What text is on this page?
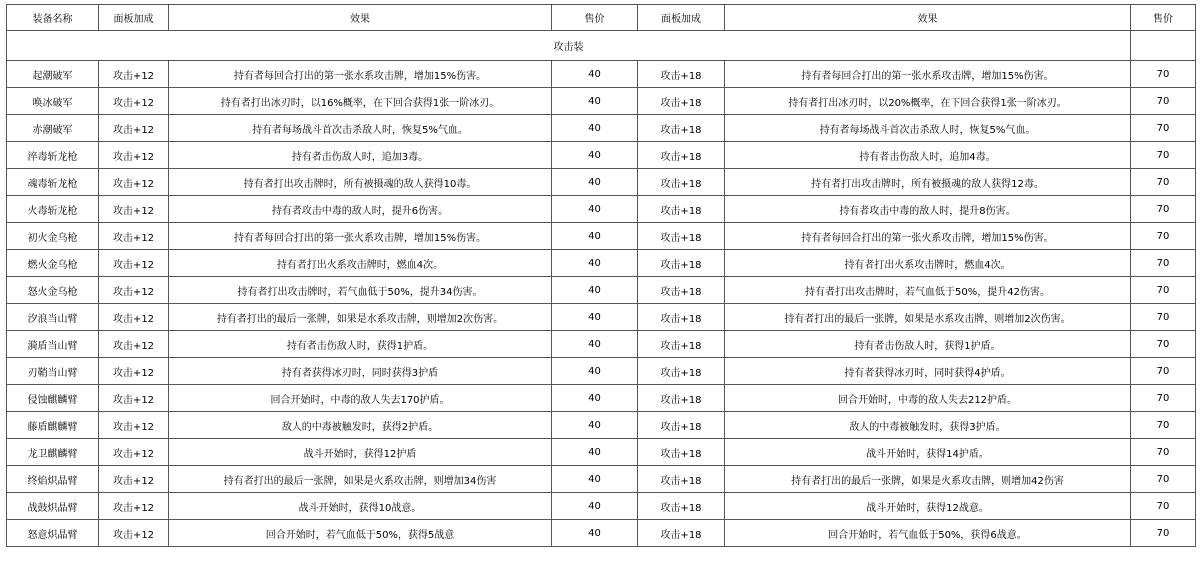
装备名称	面板加成	效果	售价	面板加成	效果	售价
攻击装						
起潮破军	攻击+12	持有者每回合打出的第一张水系攻击牌，增加15%伤害。	40	攻击+18	持有者每回合打出的第一张水系攻击牌，增加15%伤害。	70
唤冰破军	攻击+12	持有者打出冰刃时，以16%概率，在下回合获得1张一阶冰刃。	40	攻击+18	持有者打出冰刃时，以20%概率，在下回合获得1张一阶冰刃。	70
赤潮破军	攻击+12	持有者每场战斗首次击杀敌人时，恢复5%气血。	40	攻击+18	持有者每场战斗首次击杀敌人时，恢复5%气血。	70
淬毒斩龙枪	攻击+12	持有者击伤敌人时，追加3毒。	40	攻击+18	持有者击伤敌人时，追加4毒。	70
魂毒斩龙枪	攻击+12	持有者打出攻击牌时，所有被摄魂的敌人获得10毒。	40	攻击+18	持有者打出攻击牌时，所有被摄魂的敌人获得12毒。	70
火毒斩龙枪	攻击+12	持有者攻击中毒的敌人时，提升6伤害。	40	攻击+18	持有者攻击中毒的敌人时，提升8伤害。	70
初火金乌枪	攻击+12	持有者每回合打出的第一张火系攻击牌，增加15%伤害。	40	攻击+18	持有者每回合打出的第一张火系攻击牌，增加15%伤害。	70
燃火金乌枪	攻击+12	持有者打出火系攻击牌时，燃血4次。	40	攻击+18	持有者打出火系攻击牌时，燃血4次。	70
怒火金乌枪	攻击+12	持有者打出攻击牌时，若气血低于50%，提升34伤害。	40	攻击+18	持有者打出攻击牌时，若气血低于50%，提升42伤害。	70
汐浪当山臂	攻击+12	持有者打出的最后一张牌，如果是水系攻击牌，则增加2次伤害。	40	攻击+18	持有者打出的最后一张牌，如果是水系攻击牌，则增加2次伤害。	70
漪盾当山臂	攻击+12	持有者击伤敌人时，获得1护盾。	40	攻击+18	持有者击伤敌人时，获得1护盾。	70
刃鞘当山臂	攻击+12	持有者获得冰刃时，同时获得3护盾	40	攻击+18	持有者获得冰刃时，同时获得4护盾。	70
侵蚀麒麟臂	攻击+12	回合开始时，中毒的敌人失去170护盾。	40	攻击+18	回合开始时，中毒的敌人失去212护盾。	70
藤盾麒麟臂	攻击+12	敌人的中毒被触发时，获得2护盾。	40	攻击+18	敌人的中毒被触发时，获得3护盾。	70
龙卫麒麟臂	攻击+12	战斗开始时，获得12护盾	40	攻击+18	战斗开始时，获得14护盾。	70
终焰炽晶臂	攻击+12	持有者打出的最后一张牌，如果是火系攻击牌，则增加34伤害	40	攻击+18	持有者打出的最后一张牌，如果是火系攻击牌，则增加42伤害	70
战鼓炽晶臂	攻击+12	战斗开始时，获得10战意。	40	攻击+18	战斗开始时，获得12战意。	70
怒意炽晶臂	攻击+12	回合开始时，若气血低于50%，获得5战意	40	攻击+18	回合开始时，若气血低于50%，获得6战意。	70
